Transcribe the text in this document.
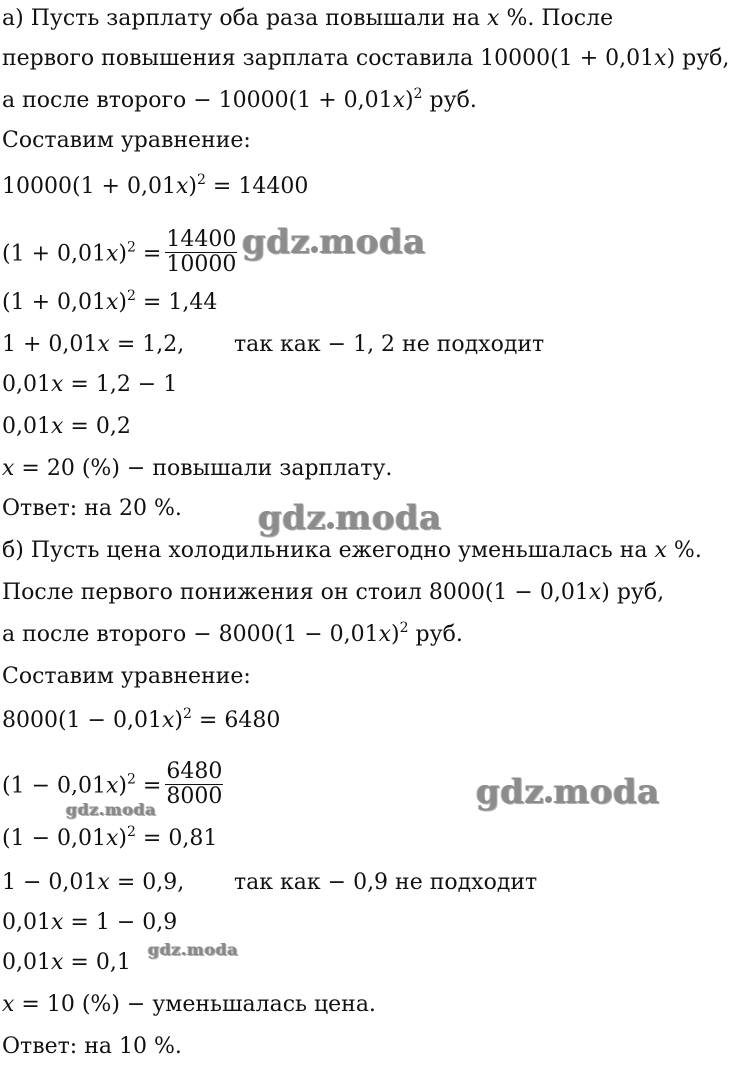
а) Пусть зарплату оба раза повышали на x %. После
первого повышения зарплата составила 10000(1 + 0,01x) руб,
а после второго − $10000(1 + 0,01x)^2$ руб.
Составим уравнение:
$10000(1 + 0,01x)^2 = 14400$
$(1 + 0,01x)^2 = \frac{14400}{10000}$
$(1 + 0,01x)^2 = 1,44$
1 + 0,01x = 1,2, так как − 1, 2 не подходит
0,01x = 1,2 − 1
0,01x = 0,2
x = 20 (%) − повышали зарплату.
Ответ: на 20 %.
б) Пусть цена холодильника ежегодно уменьшалась на x %.
После первого понижения он стоил 8000(1 − 0,01x) руб,
а после второго − $8000(1 - 0,01x)^2$ руб.
Составим уравнение:
$8000(1 - 0,01x)^2 = 6480$
$(1 - 0,01x)^2 = \frac{6480}{8000}$
$(1 - 0,01x)^2 = 0,81$
1 − 0,01x = 0,9, так как − 0,9 не подходит
0,01x = 1 − 0,9
0,01x = 0,1
x = 10 (%) − уменьшалась цена.
Ответ: на 10 %.
gdz moda
gdz moda
gdz moda
gdz.moda
gdz.moda
